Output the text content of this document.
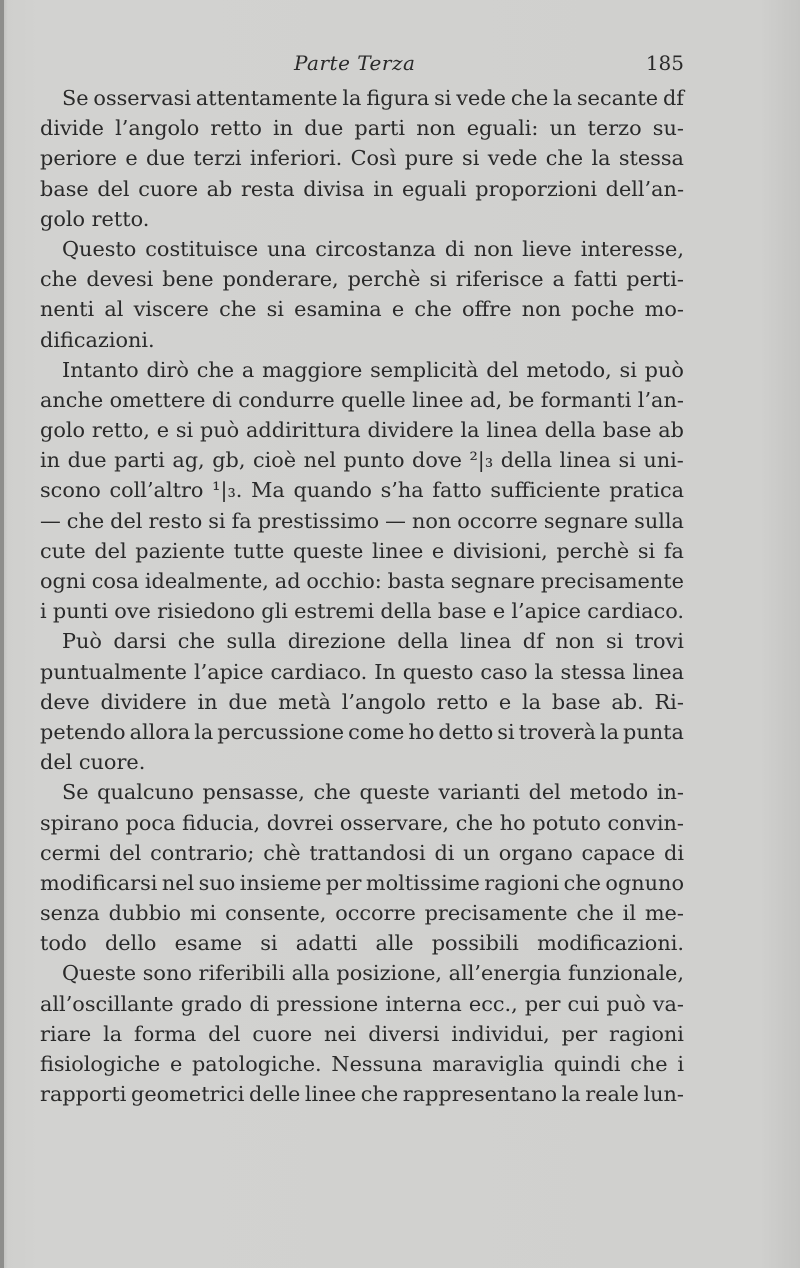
Parte Terza	185
Se osservasi attentamente la figura si vede che la secante df
divide l’angolo retto in due parti non eguali: un terzo su-
periore e due terzi inferiori. Così pure si vede che la stessa
base del cuore ab resta divisa in eguali proporzioni dell’an-
golo retto.
Questo costituisce una circostanza di non lieve interesse,
che devesi bene ponderare, perchè si riferisce a fatti perti-
nenti al viscere che si esamina e che offre non poche mo-
dificazioni.
Intanto dirò che a maggiore semplicità del metodo, si può
anche omettere di condurre quelle linee ad, be formanti l’an-
golo retto, e si può addirittura dividere la linea della base ab
in due parti ag, gb, cioè nel punto dove ²|₃ della linea si uni-
scono coll’altro ¹|₃. Ma quando s’ha fatto sufficiente pratica
— che del resto si fa prestissimo — non occorre segnare sulla
cute del paziente tutte queste linee e divisioni, perchè si fa
ogni cosa idealmente, ad occhio: basta segnare precisamente
i punti ove risiedono gli estremi della base e l’apice cardiaco.
Può darsi che sulla direzione della linea df non si trovi
puntualmente l’apice cardiaco. In questo caso la stessa linea
deve dividere in due metà l’angolo retto e la base ab. Ri-
petendo allora la percussione come ho detto si troverà la punta
del cuore.
Se qualcuno pensasse, che queste varianti del metodo in-
spirano poca fiducia, dovrei osservare, che ho potuto convin-
cermi del contrario; chè trattandosi di un organo capace di
modificarsi nel suo insieme per moltissime ragioni che ognuno
senza dubbio mi consente, occorre precisamente che il me-
todo dello esame si adatti alle possibili modificazioni.
Queste sono riferibili alla posizione, all’energia funzionale,
all’oscillante grado di pressione interna ecc., per cui può va-
riare la forma del cuore nei diversi individui, per ragioni
fisiologiche e patologiche. Nessuna maraviglia quindi che i
rapporti geometrici delle linee che rappresentano la reale lun-
